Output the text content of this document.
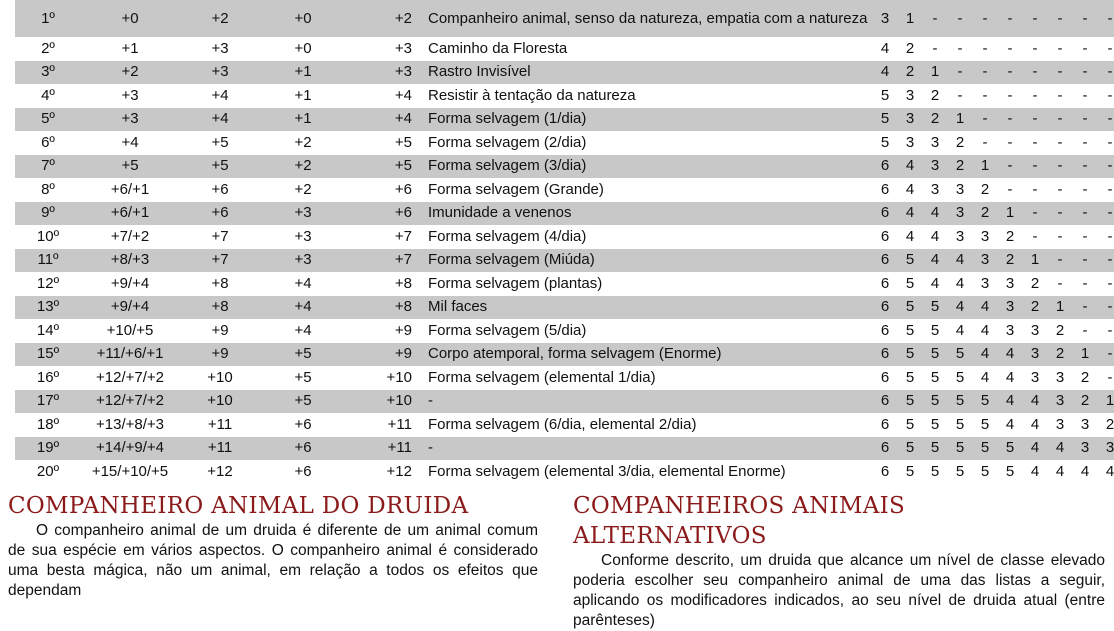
1º	+0	+2	+0	+2 Companheiro animal, senso da natureza, empatia com a natureza 3	1	-	-	-	-	-	-	-	-
2º	+1	+3	+0	+3 Caminho da Floresta	4	2	-	-	-	-	-	-	-	-
3º	+2	+3	+1	+3 Rastro Invisível	4	2	1	-	-	-	-	-	-	-
4º	+3	+4	+1	+4 Resistir à tentação da natureza	5	3	2	-	-	-	-	-	-	-
5º	+3	+4	+1	+4 Forma selvagem (1/dia)	5	3	2	1	-	-	-	-	-	-
6º	+4	+5	+2	+5 Forma selvagem (2/dia)	5	3	3	2	-	-	-	-	-	-
7º	+5	+5	+2	+5 Forma selvagem (3/dia)	6	4	3	2	1	-	-	-	-	-
8º	+6/+1	+6	+2	+6 Forma selvagem (Grande)	6	4	3	3	2	-	-	-	-	-
9º	+6/+1	+6	+3	+6 Imunidade a venenos	6	4	4	3	2	1	-	-	-	-
10º	+7/+2	+7	+3	+7 Forma selvagem (4/dia)	6	4	4	3	3	2	-	-	-	-
11º	+8/+3	+7	+3	+7 Forma selvagem (Miúda)	6	5	4	4	3	2	1	-	-	-
12º	+9/+4	+8	+4	+8 Forma selvagem (plantas)	6	5	4	4	3	3	2	-	-	-
13º	+9/+4	+8	+4	+8 Mil faces	6	5	5	4	4	3	2	1	-	-
14º	+10/+5	+9	+4	+9 Forma selvagem (5/dia)	6	5	5	4	4	3	3	2	-	-
15º	+11/+6/+1	+9	+5	+9 Corpo atemporal, forma selvagem (Enorme)	6	5	5	5	4	4	3	2	1	-
16º	+12/+7/+2	+10	+5	+10 Forma selvagem (elemental 1/dia)	6	5	5	5	4	4	3	3	2	-
17º	+12/+7/+2	+10	+5	+10 -	6	5	5	5	5	4	4	3	2	1
18º	+13/+8/+3	+11	+6	+11 Forma selvagem (6/dia, elemental 2/dia)	6	5	5	5	5	4	4	3	3	2
19º	+14/+9/+4	+11	+6	+11 -	6	5	5	5	5	5	4	4	3	3
20º	+15/+10/+5	+12	+6	+12 Forma selvagem (elemental 3/dia, elemental Enorme)	6	5	5	5	5	5	4	4	4	4
COMPANHEIRO ANIMAL DO DRUIDA

O companheiro animal de um druida é diferente de um animal comum de sua espécie em vários aspectos. O companheiro animal é considerado uma besta mágica, não um animal, em relação a todos os efeitos que dependam

COMPANHEIROS ANIMAIS ALTERNATIVOS

Conforme descrito, um druida que alcance um nível de classe elevado poderia escolher seu companheiro animal de uma das listas a seguir, aplicando os modificadores indicados, ao seu nível de druida atual (entre parênteses)
